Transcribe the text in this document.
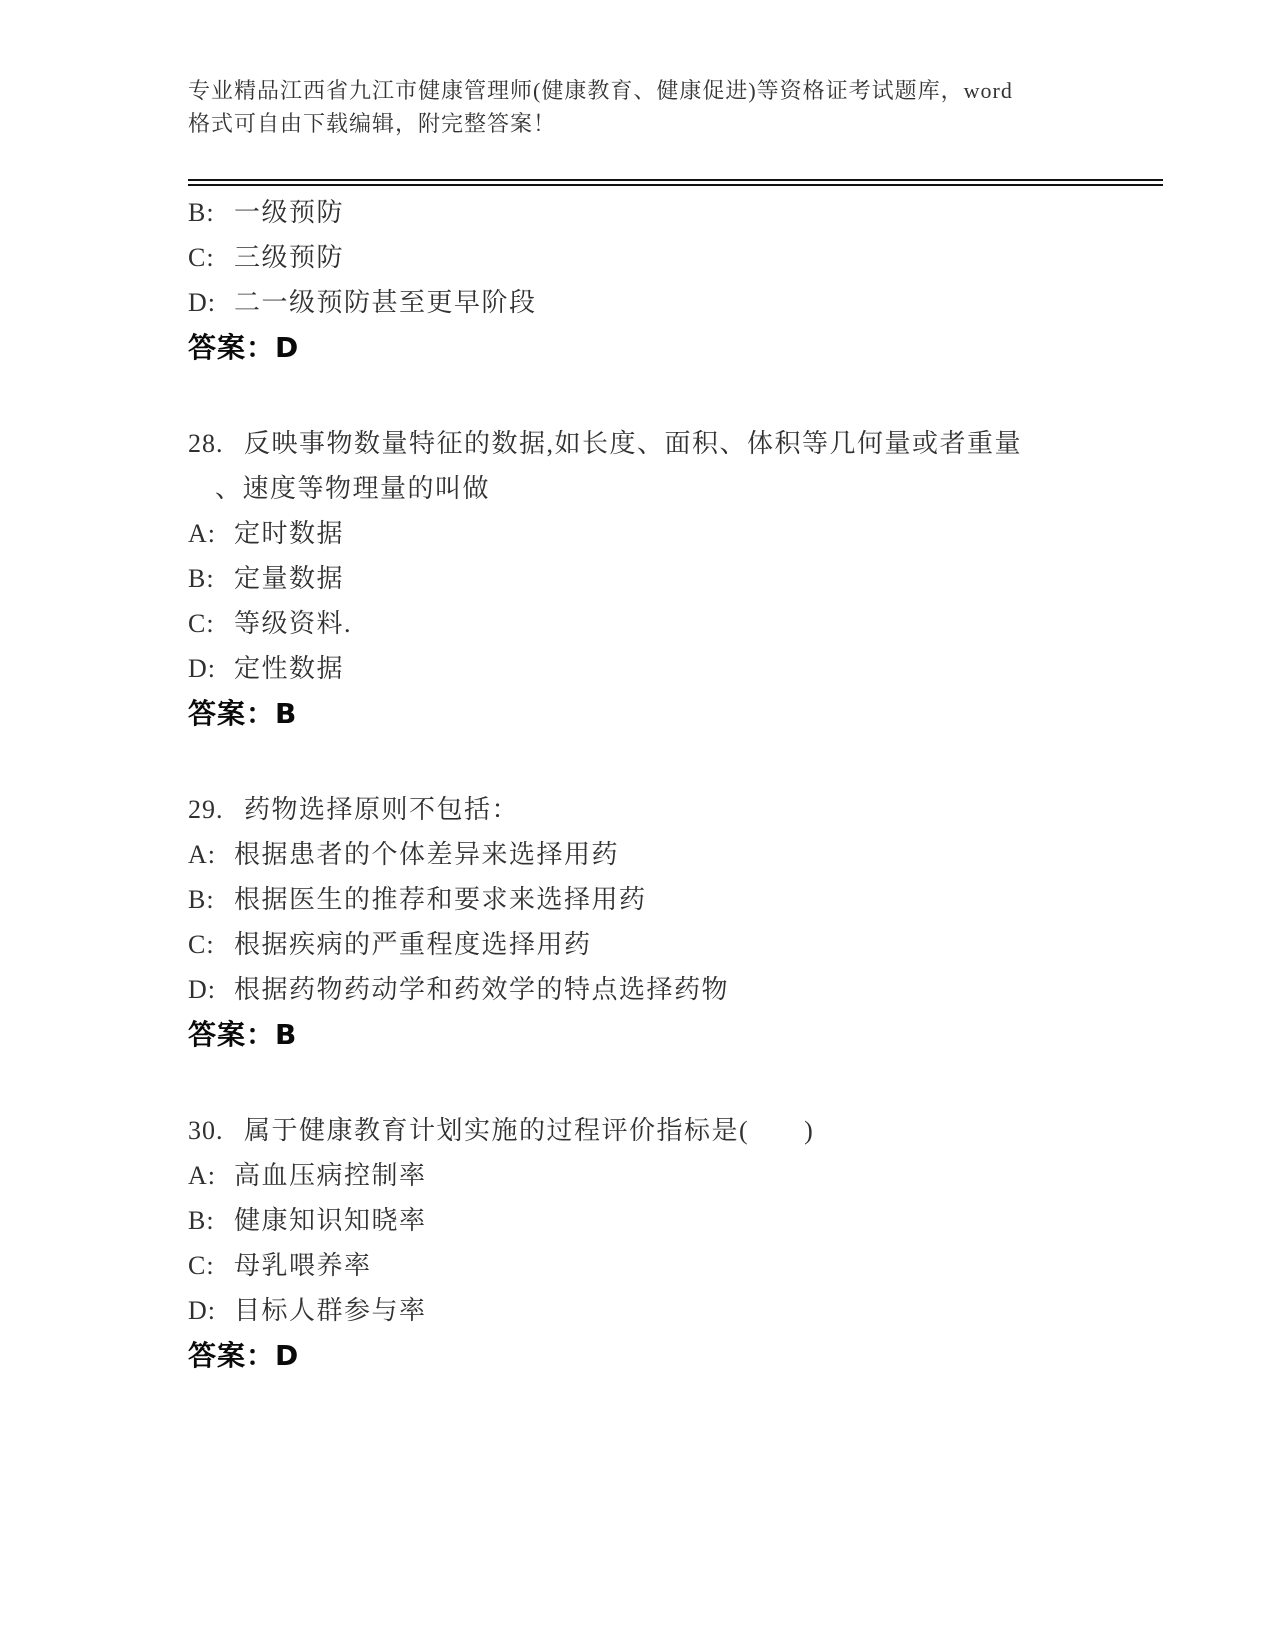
专业精品江西省九江市健康管理师(健康教育、健康促进)等资格证考试题库，word
格式可自由下载编辑，附完整答案！
B: 一级预防
C: 三级预防
D: 二一级预防甚至更早阶段
答案：D
28. 反映事物数量特征的数据,如长度、面积、体积等几何量或者重量
、速度等物理量的叫做
A: 定时数据
B: 定量数据
C: 等级资料.
D: 定性数据
答案：B
29. 药物选择原则不包括：
A: 根据患者的个体差异来选择用药
B: 根据医生的推荐和要求来选择用药
C: 根据疾病的严重程度选择用药
D: 根据药物药动学和药效学的特点选择药物
答案：B
30. 属于健康教育计划实施的过程评价指标是(　　)
A: 高血压病控制率
B: 健康知识知晓率
C: 母乳喂养率
D: 目标人群参与率
答案：D
